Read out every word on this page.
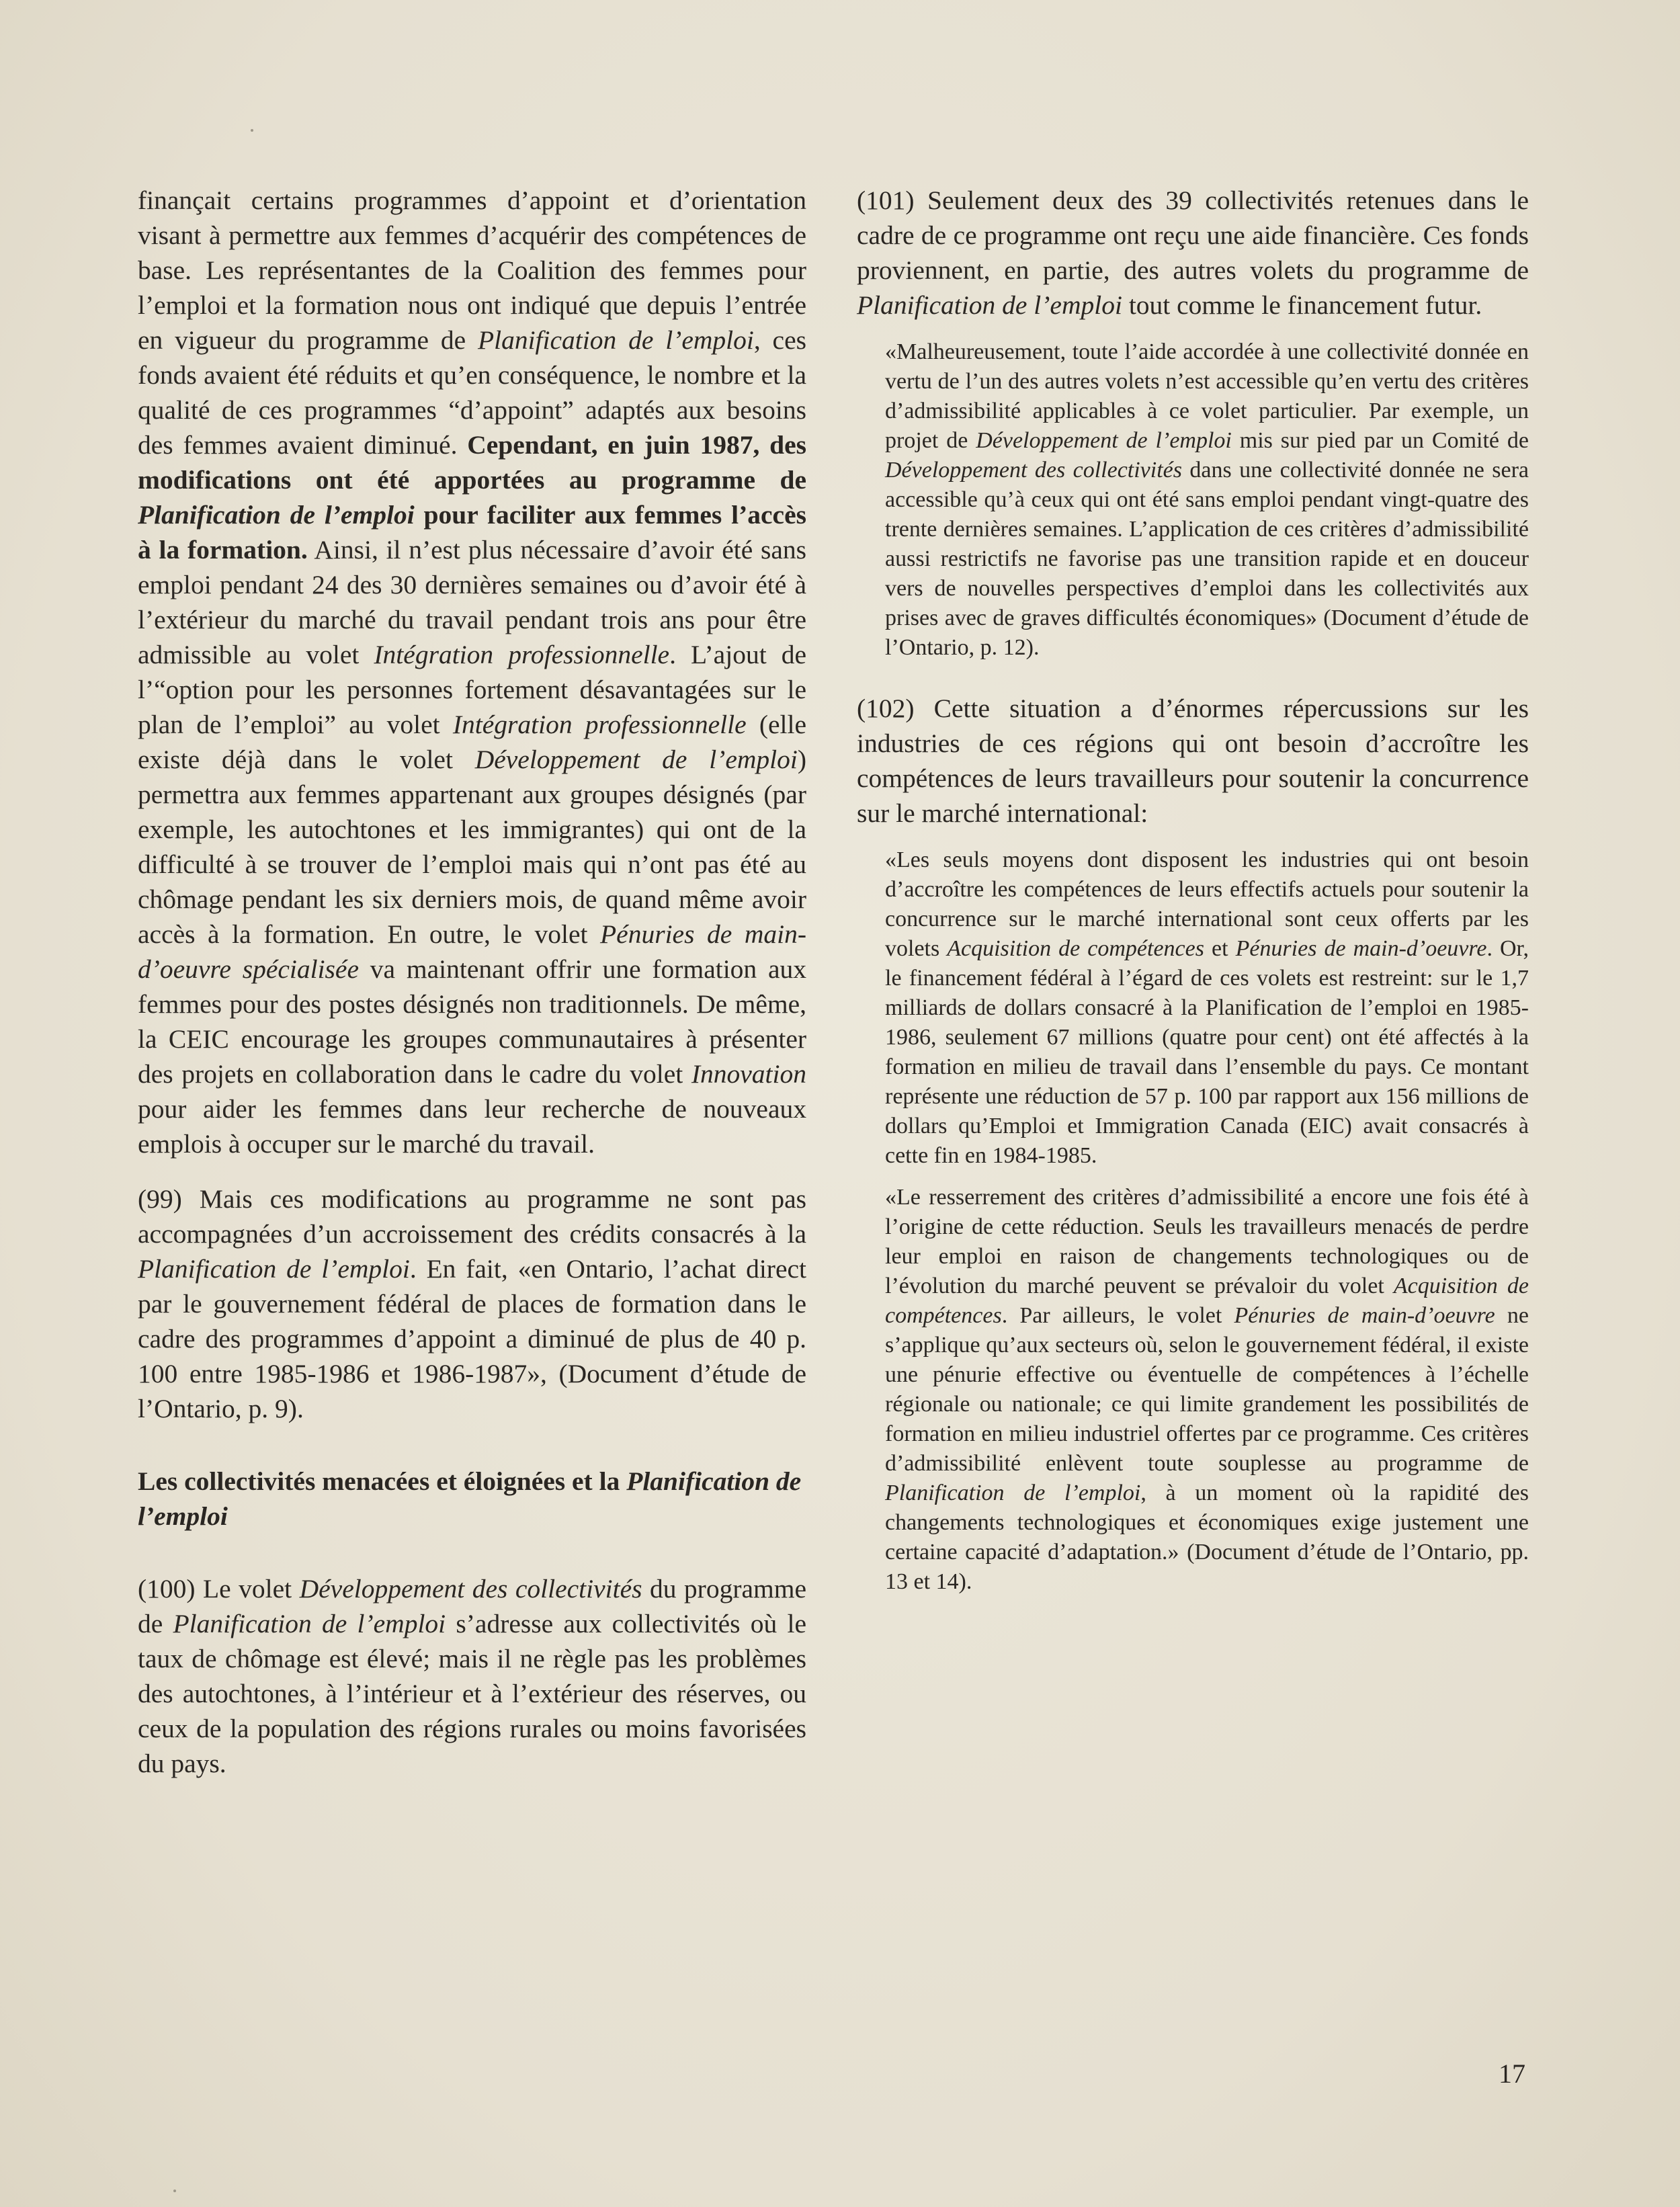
finançait certains programmes d’appoint et d’orientation visant à permettre aux femmes d’acquérir des compétences de base. Les représentantes de la Coalition des femmes pour l’emploi et la formation nous ont indiqué que depuis l’entrée en vigueur du programme de Planification de l’emploi, ces fonds avaient été réduits et qu’en conséquence, le nombre et la qualité de ces programmes “d’appoint” adaptés aux besoins des femmes avaient diminué. Cependant, en juin 1987, des modifications ont été apportées au programme de Planification de l’emploi pour faciliter aux femmes l’accès à la formation. Ainsi, il n’est plus nécessaire d’avoir été sans emploi pendant 24 des 30 dernières semaines ou d’avoir été à l’extérieur du marché du travail pendant trois ans pour être admissible au volet Intégration professionnelle. L’ajout de l’“option pour les personnes fortement désavantagées sur le plan de l’emploi” au volet Intégration professionnelle (elle existe déjà dans le volet Développement de l’emploi) permettra aux femmes appartenant aux groupes désignés (par exemple, les autochtones et les immigrantes) qui ont de la difficulté à se trouver de l’emploi mais qui n’ont pas été au chômage pendant les six derniers mois, de quand même avoir accès à la formation. En outre, le volet Pénuries de main-d’oeuvre spécialisée va maintenant offrir une formation aux femmes pour des postes désignés non traditionnels. De même, la CEIC encourage les groupes communautaires à présenter des projets en collaboration dans le cadre du volet Innovation pour aider les femmes dans leur recherche de nouveaux emplois à occuper sur le marché du travail.

(99) Mais ces modifications au programme ne sont pas accompagnées d’un accroissement des crédits consacrés à la Planification de l’emploi. En fait, «en Ontario, l’achat direct par le gouvernement fédéral de places de formation dans le cadre des programmes d’appoint a diminué de plus de 40 p. 100 entre 1985-1986 et 1986-1987», (Document d’étude de l’Ontario, p. 9).

Les collectivités menacées et éloignées et la Planification de l’emploi

(100) Le volet Développement des collectivités du programme de Planification de l’emploi s’adresse aux collectivités où le taux de chômage est élevé; mais il ne règle pas les problèmes des autochtones, à l’intérieur et à l’extérieur des réserves, ou ceux de la population des régions rurales ou moins favorisées du pays.

(101) Seulement deux des 39 collectivités retenues dans le cadre de ce programme ont reçu une aide financière. Ces fonds proviennent, en partie, des autres volets du programme de Planification de l’emploi tout comme le financement futur.

«Malheureusement, toute l’aide accordée à une collectivité donnée en vertu de l’un des autres volets n’est accessible qu’en vertu des critères d’admissibilité applicables à ce volet particulier. Par exemple, un projet de Développement de l’emploi mis sur pied par un Comité de Développement des collectivités dans une collectivité donnée ne sera accessible qu’à ceux qui ont été sans emploi pendant vingt-quatre des trente dernières semaines. L’application de ces critères d’admissibilité aussi restrictifs ne favorise pas une transition rapide et en douceur vers de nouvelles perspectives d’emploi dans les collectivités aux prises avec de graves difficultés économiques» (Document d’étude de l’Ontario, p. 12).

(102) Cette situation a d’énormes répercussions sur les industries de ces régions qui ont besoin d’accroître les compétences de leurs travailleurs pour soutenir la concurrence sur le marché international:

«Les seuls moyens dont disposent les industries qui ont besoin d’accroître les compétences de leurs effectifs actuels pour soutenir la concurrence sur le marché international sont ceux offerts par les volets Acquisition de compétences et Pénuries de main-d’oeuvre. Or, le financement fédéral à l’égard de ces volets est restreint: sur le 1,7 milliards de dollars consacré à la Planification de l’emploi en 1985-1986, seulement 67 millions (quatre pour cent) ont été affectés à la formation en milieu de travail dans l’ensemble du pays. Ce montant représente une réduction de 57 p. 100 par rapport aux 156 millions de dollars qu’Emploi et Immigration Canada (EIC) avait consacrés à cette fin en 1984-1985.

«Le resserrement des critères d’admissibilité a encore une fois été à l’origine de cette réduction. Seuls les travailleurs menacés de perdre leur emploi en raison de changements technologiques ou de l’évolution du marché peuvent se prévaloir du volet Acquisition de compétences. Par ailleurs, le volet Pénuries de main-d’oeuvre ne s’applique qu’aux secteurs où, selon le gouvernement fédéral, il existe une pénurie effective ou éventuelle de compétences à l’échelle régionale ou nationale; ce qui limite grandement les possibilités de formation en milieu industriel offertes par ce programme. Ces critères d’admissibilité enlèvent toute souplesse au programme de Planification de l’emploi, à un moment où la rapidité des changements technologiques et économiques exige justement une certaine capacité d’adaptation.» (Document d’étude de l’Ontario, pp. 13 et 14).

17
